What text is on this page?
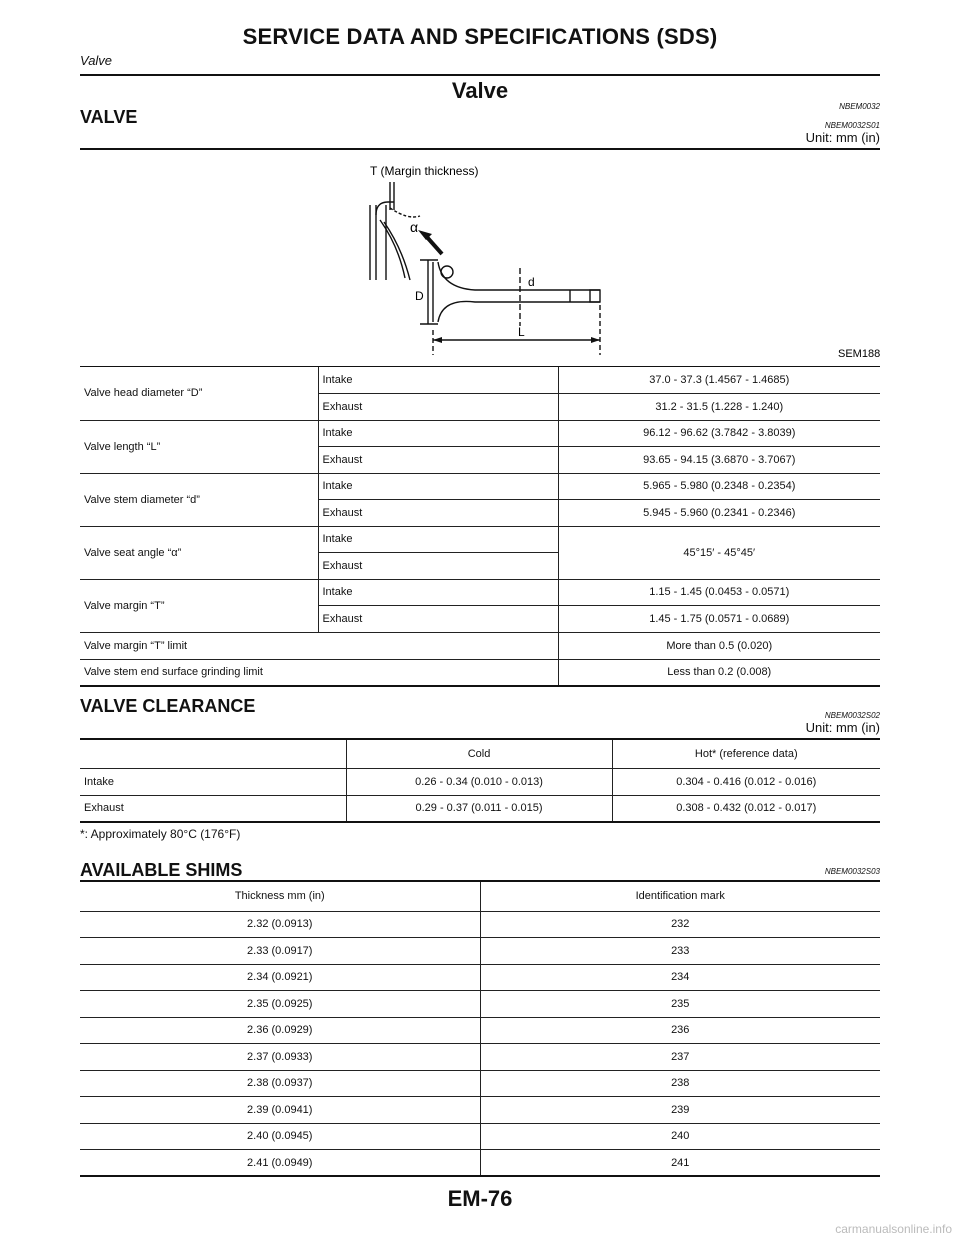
SERVICE DATA AND SPECIFICATIONS (SDS)
Valve
Valve
NBEM0032
VALVE	NBEM0032S01
Unit: mm (in)
T (Margin thickness)
α
D
d
L
SEM188
Valve head diameter “D”	Intake	37.0 - 37.3 (1.4567 - 1.4685)
	Exhaust	31.2 - 31.5 (1.228 - 1.240)
Valve length “L”	Intake	96.12 - 96.62 (3.7842 - 3.8039)
	Exhaust	93.65 - 94.15 (3.6870 - 3.7067)
Valve stem diameter “d”	Intake	5.965 - 5.980 (0.2348 - 0.2354)
	Exhaust	5.945 - 5.960 (0.2341 - 0.2346)
Valve seat angle “α”	Intake	45°15′ - 45°45′
	Exhaust	
Valve margin “T”	Intake	1.15 - 1.45 (0.0453 - 0.0571)
	Exhaust	1.45 - 1.75 (0.0571 - 0.0689)
Valve margin “T” limit		More than 0.5 (0.020)
Valve stem end surface grinding limit		Less than 0.2 (0.008)
VALVE CLEARANCE	NBEM0032S02
Unit: mm (in)
	Cold	Hot* (reference data)
Intake	0.26 - 0.34 (0.010 - 0.013)	0.304 - 0.416 (0.012 - 0.016)
Exhaust	0.29 - 0.37 (0.011 - 0.015)	0.308 - 0.432 (0.012 - 0.017)
*: Approximately 80°C (176°F)
AVAILABLE SHIMS	NBEM0032S03
Thickness mm (in)	Identification mark
2.32 (0.0913)	232
2.33 (0.0917)	233
2.34 (0.0921)	234
2.35 (0.0925)	235
2.36 (0.0929)	236
2.37 (0.0933)	237
2.38 (0.0937)	238
2.39 (0.0941)	239
2.40 (0.0945)	240
2.41 (0.0949)	241
EM-76
carmanualsonline.info
